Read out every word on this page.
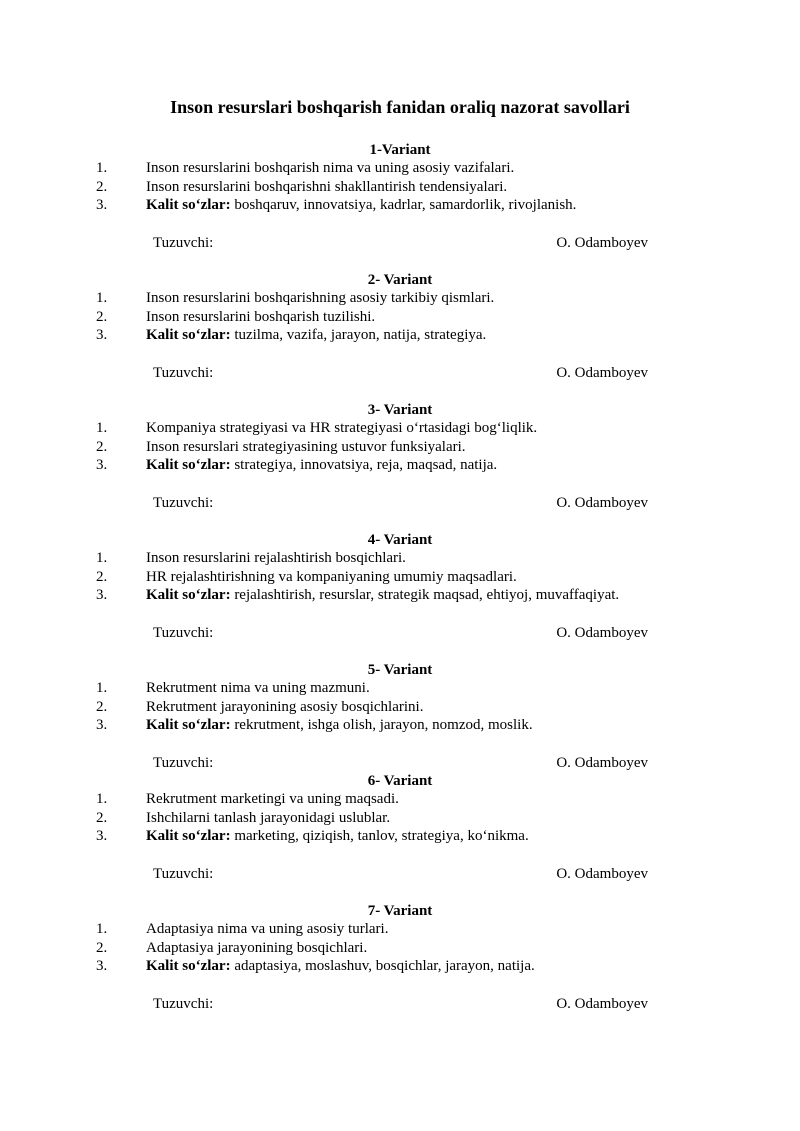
Inson resurslari boshqarish fanidan oraliq nazorat savollari
1-Variant
1.	Inson resurslarini boshqarish nima va uning asosiy vazifalari.
2.	Inson resurslarini boshqarishni shakllantirish tendensiyalari.
3.	Kalit so‘zlar: boshqaruv, innovatsiya, kadrlar, samardorlik, rivojlanish.
Tuzuvchi:	O. Odamboyev
2- Variant
1.	Inson resurslarini boshqarishning asosiy tarkibiy qismlari.
2.	Inson resurslarini boshqarish tuzilishi.
3.	Kalit so‘zlar: tuzilma, vazifa, jarayon, natija, strategiya.
Tuzuvchi:	O. Odamboyev
3- Variant
1.	Kompaniya strategiyasi va HR strategiyasi o‘rtasidagi bog‘liqlik.
2.	Inson resurslari strategiyasining ustuvor funksiyalari.
3.	Kalit so‘zlar: strategiya, innovatsiya, reja, maqsad, natija.
Tuzuvchi:	O. Odamboyev
4- Variant
1.	Inson resurslarini rejalashtirish bosqichlari.
2.	HR rejalashtirishning va kompaniyaning umumiy maqsadlari.
3.	Kalit so‘zlar: rejalashtirish, resurslar, strategik maqsad, ehtiyoj, muvaffaqiyat.
Tuzuvchi:	O. Odamboyev
5- Variant
1.	Rekrutment nima va uning mazmuni.
2.	Rekrutment jarayonining asosiy bosqichlarini.
3.	Kalit so‘zlar: rekrutment, ishga olish, jarayon, nomzod, moslik.
Tuzuvchi:	O. Odamboyev
6- Variant
1.	Rekrutment marketingi va uning maqsadi.
2.	Ishchilarni tanlash jarayonidagi uslublar.
3.	Kalit so‘zlar: marketing, qiziqish, tanlov, strategiya, ko‘nikma.
Tuzuvchi:	O. Odamboyev
7- Variant
1.	Adaptasiya nima va uning asosiy turlari.
2.	Adaptasiya jarayonining bosqichlari.
3.	Kalit so‘zlar: adaptasiya, moslashuv, bosqichlar, jarayon, natija.
Tuzuvchi:	O. Odamboyev
